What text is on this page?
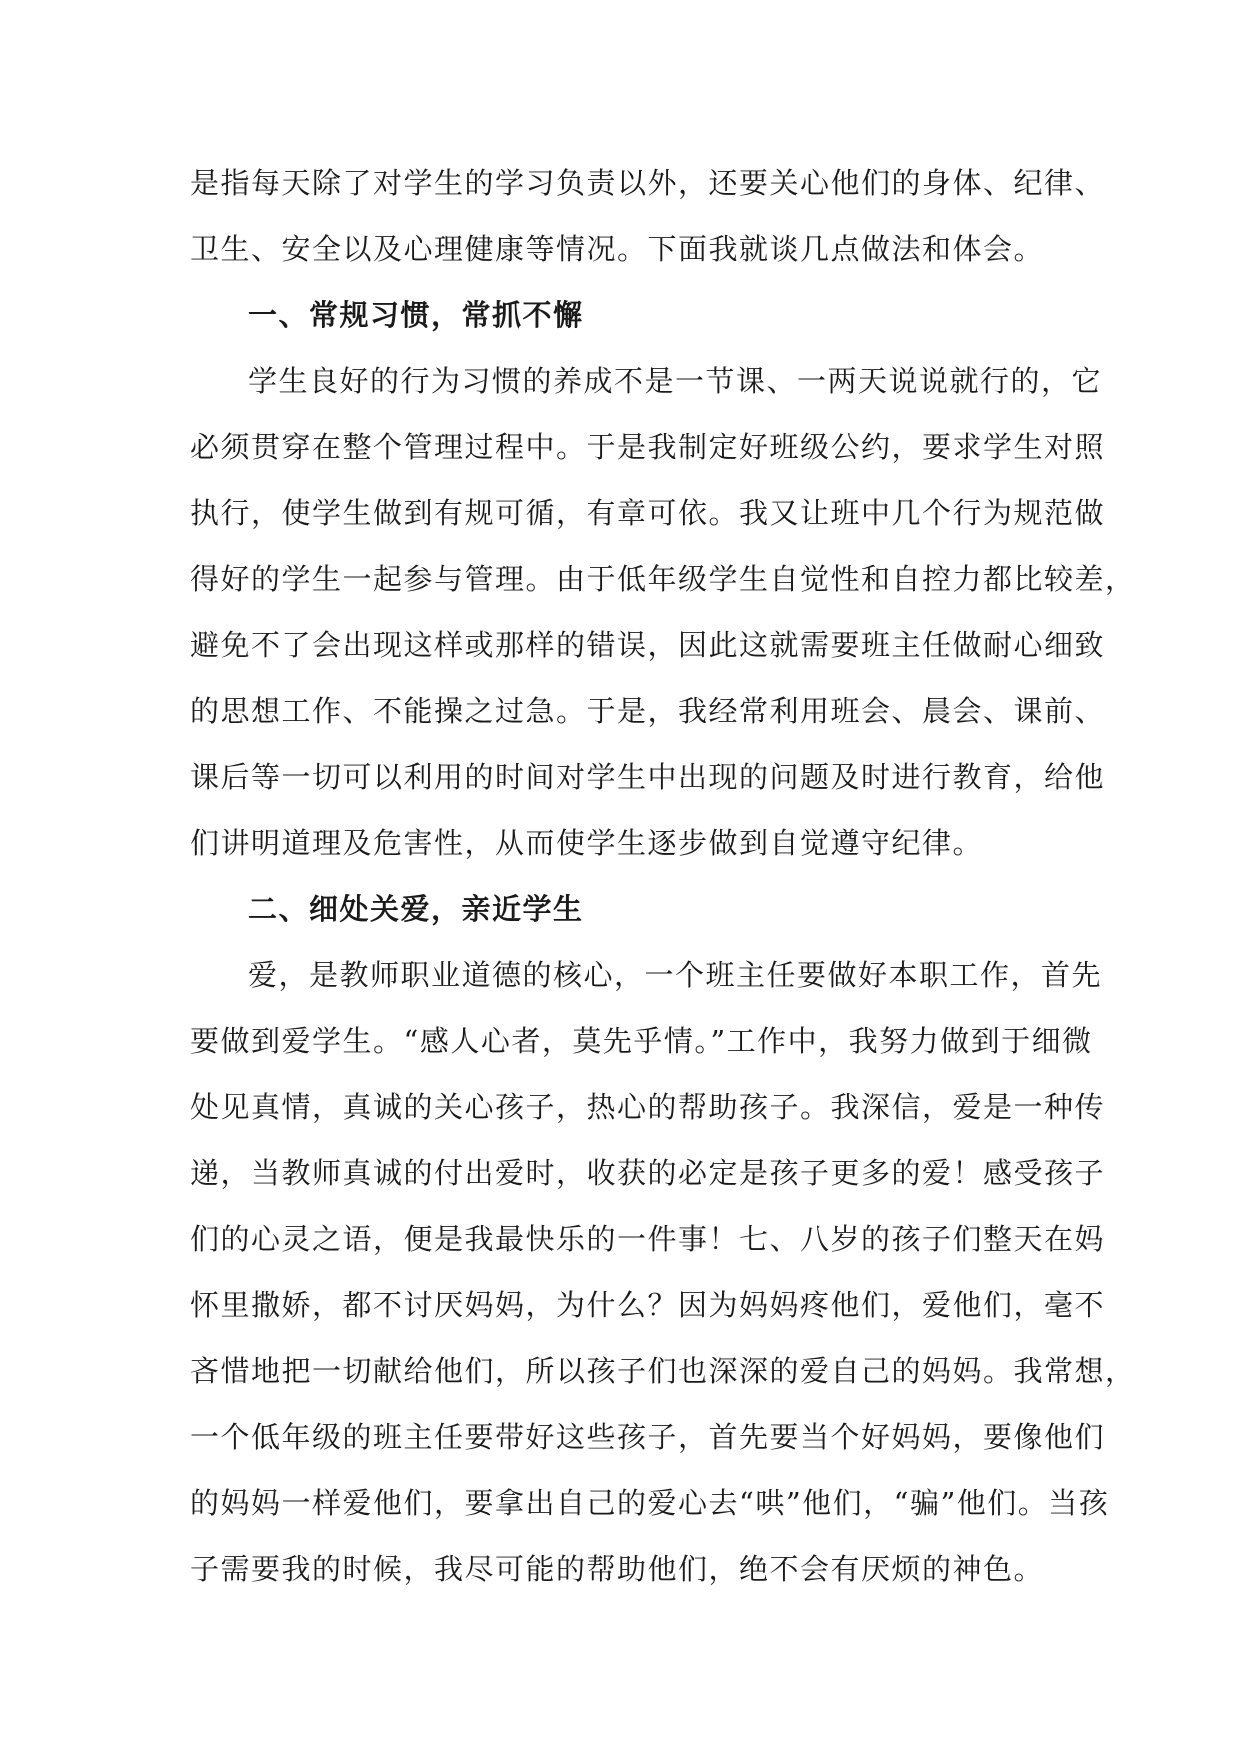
是指每天除了对学生的学习负责以外，还要关心他们的身体、纪律、
卫生、安全以及心理健康等情况。下面我就谈几点做法和体会。
一、常规习惯，常抓不懈
学生良好的行为习惯的养成不是一节课、一两天说说就行的，它
必须贯穿在整个管理过程中。于是我制定好班级公约，要求学生对照
执行，使学生做到有规可循，有章可依。我又让班中几个行为规范做
得好的学生一起参与管理。由于低年级学生自觉性和自控力都比较差，
避免不了会出现这样或那样的错误，因此这就需要班主任做耐心细致
的思想工作、不能操之过急。于是，我经常利用班会、晨会、课前、
课后等一切可以利用的时间对学生中出现的问题及时进行教育，给他
们讲明道理及危害性，从而使学生逐步做到自觉遵守纪律。
二、细处关爱，亲近学生
爱，是教师职业道德的核心，一个班主任要做好本职工作，首先
要做到爱学生。“感人心者，莫先乎情。”工作中，我努力做到于细微
处见真情，真诚的关心孩子，热心的帮助孩子。我深信，爱是一种传
递，当教师真诚的付出爱时，收获的必定是孩子更多的爱！感受孩子
们的心灵之语，便是我最快乐的一件事！七、八岁的孩子们整天在妈
怀里撒娇，都不讨厌妈妈，为什么？因为妈妈疼他们，爱他们，毫不
吝惜地把一切献给他们，所以孩子们也深深的爱自己的妈妈。我常想，
一个低年级的班主任要带好这些孩子，首先要当个好妈妈，要像他们
的妈妈一样爱他们，要拿出自己的爱心去“哄”他们，“骗”他们。当孩
子需要我的时候，我尽可能的帮助他们，绝不会有厌烦的神色。
